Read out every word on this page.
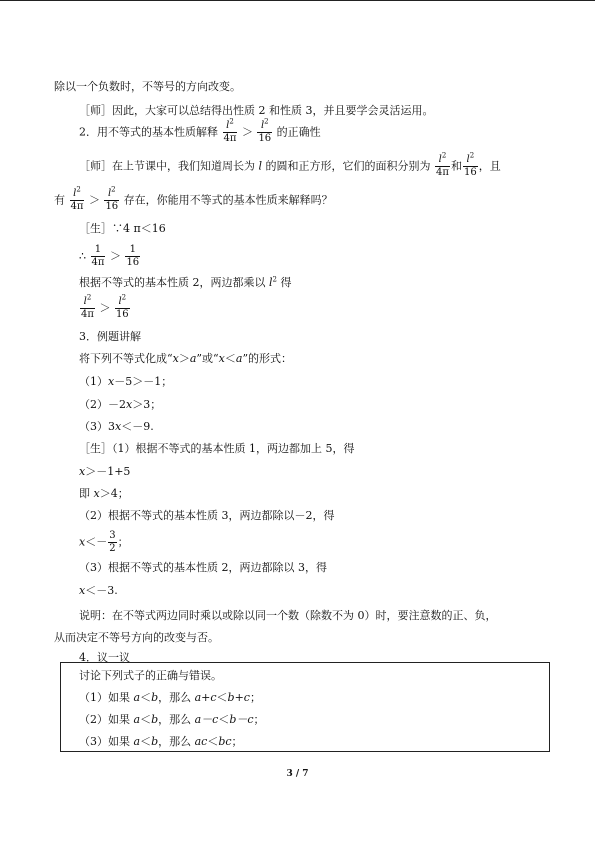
除以一个负数时，不等号的方向改变。
［师］因此，大家可以总结得出性质 2 和性质 3，并且要学会灵活运用。
2．用不等式的基本性质解释 $\frac{l^2}{4\pi} > \frac{l^2}{16}$ 的正确性
［师］在上节课中，我们知道周长为 l 的圆和正方形，它们的面积分别为 $\frac{l^2}{4\pi}$ 和 $\frac{l^2}{16}$ ，且
有 $\frac{l^2}{4\pi} > \frac{l^2}{16}$ 存在，你能用不等式的基本性质来解释吗？
［生］∵4 π＜16
∴ $\frac{1}{4\pi} > \frac{1}{16}$
根据不等式的基本性质 2，两边都乘以 $l^2$ 得
$\frac{l^2}{4\pi} > \frac{l^2}{16}$
3．例题讲解
将下列不等式化成“x＞a”或“x＜a”的形式：
（1）x－5＞－1；
（2）－2x＞3；
（3）3x＜－9.
［生］（1）根据不等式的基本性质 1，两边都加上 5，得
x＞－1+5
即 x＞4；
（2）根据不等式的基本性质 3，两边都除以－2，得
$x<- \frac{3}{2}$ ；
（3）根据不等式的基本性质 2，两边都除以 3，得
x＜－3.
说明：在不等式两边同时乘以或除以同一个数（除数不为 0）时，要注意数的正、负，
从而决定不等号方向的改变与否。
4．议一议
讨论下列式子的正确与错误。
（1）如果 a＜b，那么 a+c＜b+c；
（2）如果 a＜b，那么 a－c＜b－c；
（3）如果 a＜b，那么 ac＜bc；
3 / 7
